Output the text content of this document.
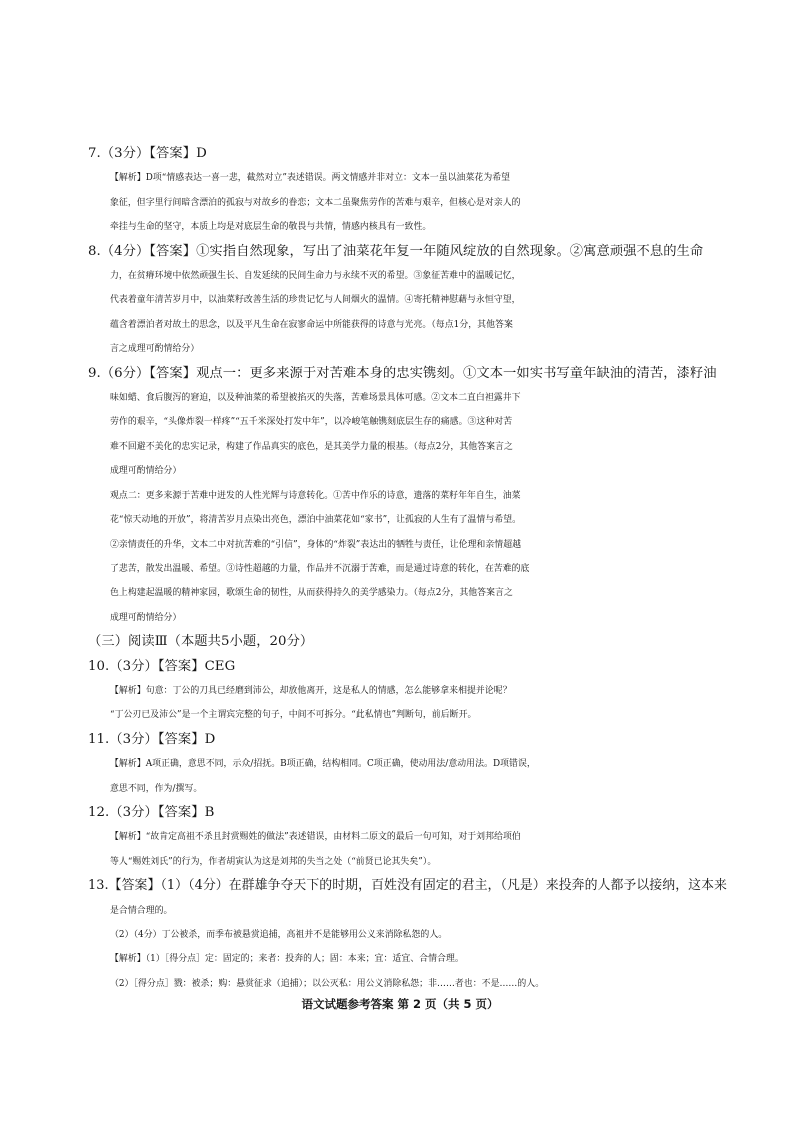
7.（3分）【答案】D
【解析】D项“情感表达一喜一悲，截然对立”表述错误。两文情感并非对立：文本一虽以油菜花为希望
象征，但字里行间暗含漂泊的孤寂与对故乡的眷恋；文本二虽聚焦劳作的苦难与艰辛，但核心是对亲人的
牵挂与生命的坚守，本质上均是对底层生命的敬畏与共情，情感内核具有一致性。
8.（4分）【答案】①实指自然现象，写出了油菜花年复一年随风绽放的自然现象。②寓意顽强不息的生命
力，在贫瘠环境中依然顽强生长、自发延续的民间生命力与永续不灭的希望。③象征苦难中的温暖记忆，
代表着童年清苦岁月中，以油菜籽改善生活的珍贵记忆与人间烟火的温情。④寄托精神慰藉与永恒守望，
蕴含着漂泊者对故土的思念，以及平凡生命在寂寥命运中所能获得的诗意与光亮。（每点1分，其他答案
言之成理可酌情给分）
9.（6分）【答案】观点一：更多来源于对苦难本身的忠实镌刻。①文本一如实书写童年缺油的清苦，漆籽油
味如蜡、食后腹泻的窘迫，以及种油菜的希望被掐灭的失落，苦难场景具体可感。②文本二直白袒露井下
劳作的艰辛，“头像炸裂一样疼”“五千米深处打发中年”，以冷峻笔触镌刻底层生存的痛感。③这种对苦
难不回避不美化的忠实记录，构建了作品真实的底色，是其美学力量的根基。（每点2分，其他答案言之
成理可酌情给分）
观点二：更多来源于苦难中迸发的人性光辉与诗意转化。①苦中作乐的诗意，遗落的菜籽年年自生，油菜
花“惊天动地的开放”，将清苦岁月点染出亮色，漂泊中油菜花如“家书”，让孤寂的人生有了温情与希望。
②亲情责任的升华，文本二中对抗苦难的“引信”，身体的“炸裂”表达出的牺牲与责任，让伦理和亲情超越
了悲苦，散发出温暖、希望。③诗性超越的力量，作品并不沉溺于苦难，而是通过诗意的转化，在苦难的底
色上构建起温暖的精神家园，歌颂生命的韧性，从而获得持久的美学感染力。（每点2分，其他答案言之
成理可酌情给分）
（三）阅读Ⅲ（本题共5小题，20分）
10.（3分）【答案】CEG
【解析】句意：丁公的刀具已经磨到沛公，却放他离开，这是私人的情感，怎么能够拿来相提并论呢？
“丁公刃已及沛公”是一个主谓宾完整的句子，中间不可拆分。“此私情也”判断句，前后断开。
11.（3分）【答案】D
【解析】A项正确，意思不同，示众/招抚。B项正确，结构相同。C项正确，使动用法/意动用法。D项错误，
意思不同，作为/撰写。
12.（3分）【答案】B
【解析】“故肯定高祖不杀且封赏赐姓的做法”表述错误，由材料二原文的最后一句可知，对于刘邦给项伯
等人“赐姓刘氏”的行为，作者胡寅认为这是刘邦的失当之处（“前贤已论其失矣”）。
13.【答案】（1）（4分）在群雄争夺天下的时期，百姓没有固定的君主，（凡是）来投奔的人都予以接纳，这本来
是合情合理的。
（2）（4分）丁公被杀，而季布被悬赏追捕，高祖并不是能够用公义来消除私怨的人。
【解析】（1）［得分点］定：固定的；来者：投奔的人；固：本来；宜：适宜、合情合理。
（2）［得分点］戮：被杀；购：悬赏征求（追捕）；以公灭私：用公义消除私怨；非……者也：不是……的人。
语文试题参考答案 第 2 页（共 5 页）
